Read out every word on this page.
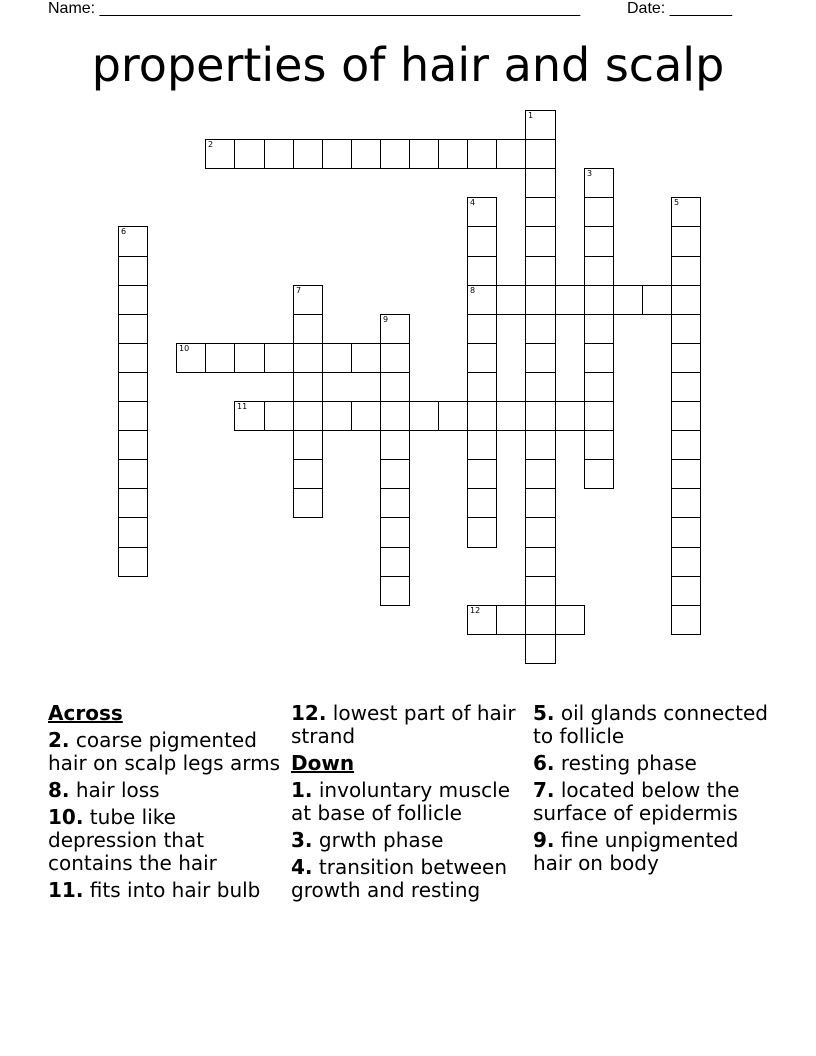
Name: ______________________________________________________	Date: _______
properties of hair and scalp
1
2
3
4
8
5
6
7
9
10
11
12
Across
2. coarse pigmented hair on scalp legs arms
8. hair loss
10. tube like depression that contains the hair
11. fits into hair bulb
12. lowest part of hair strand
Down
1. involuntary muscle at base of follicle
3. grwth phase
4. transition between growth and resting
5. oil glands connected to follicle
6. resting phase
7. located below the surface of epidermis
9. fine unpigmented hair on body
